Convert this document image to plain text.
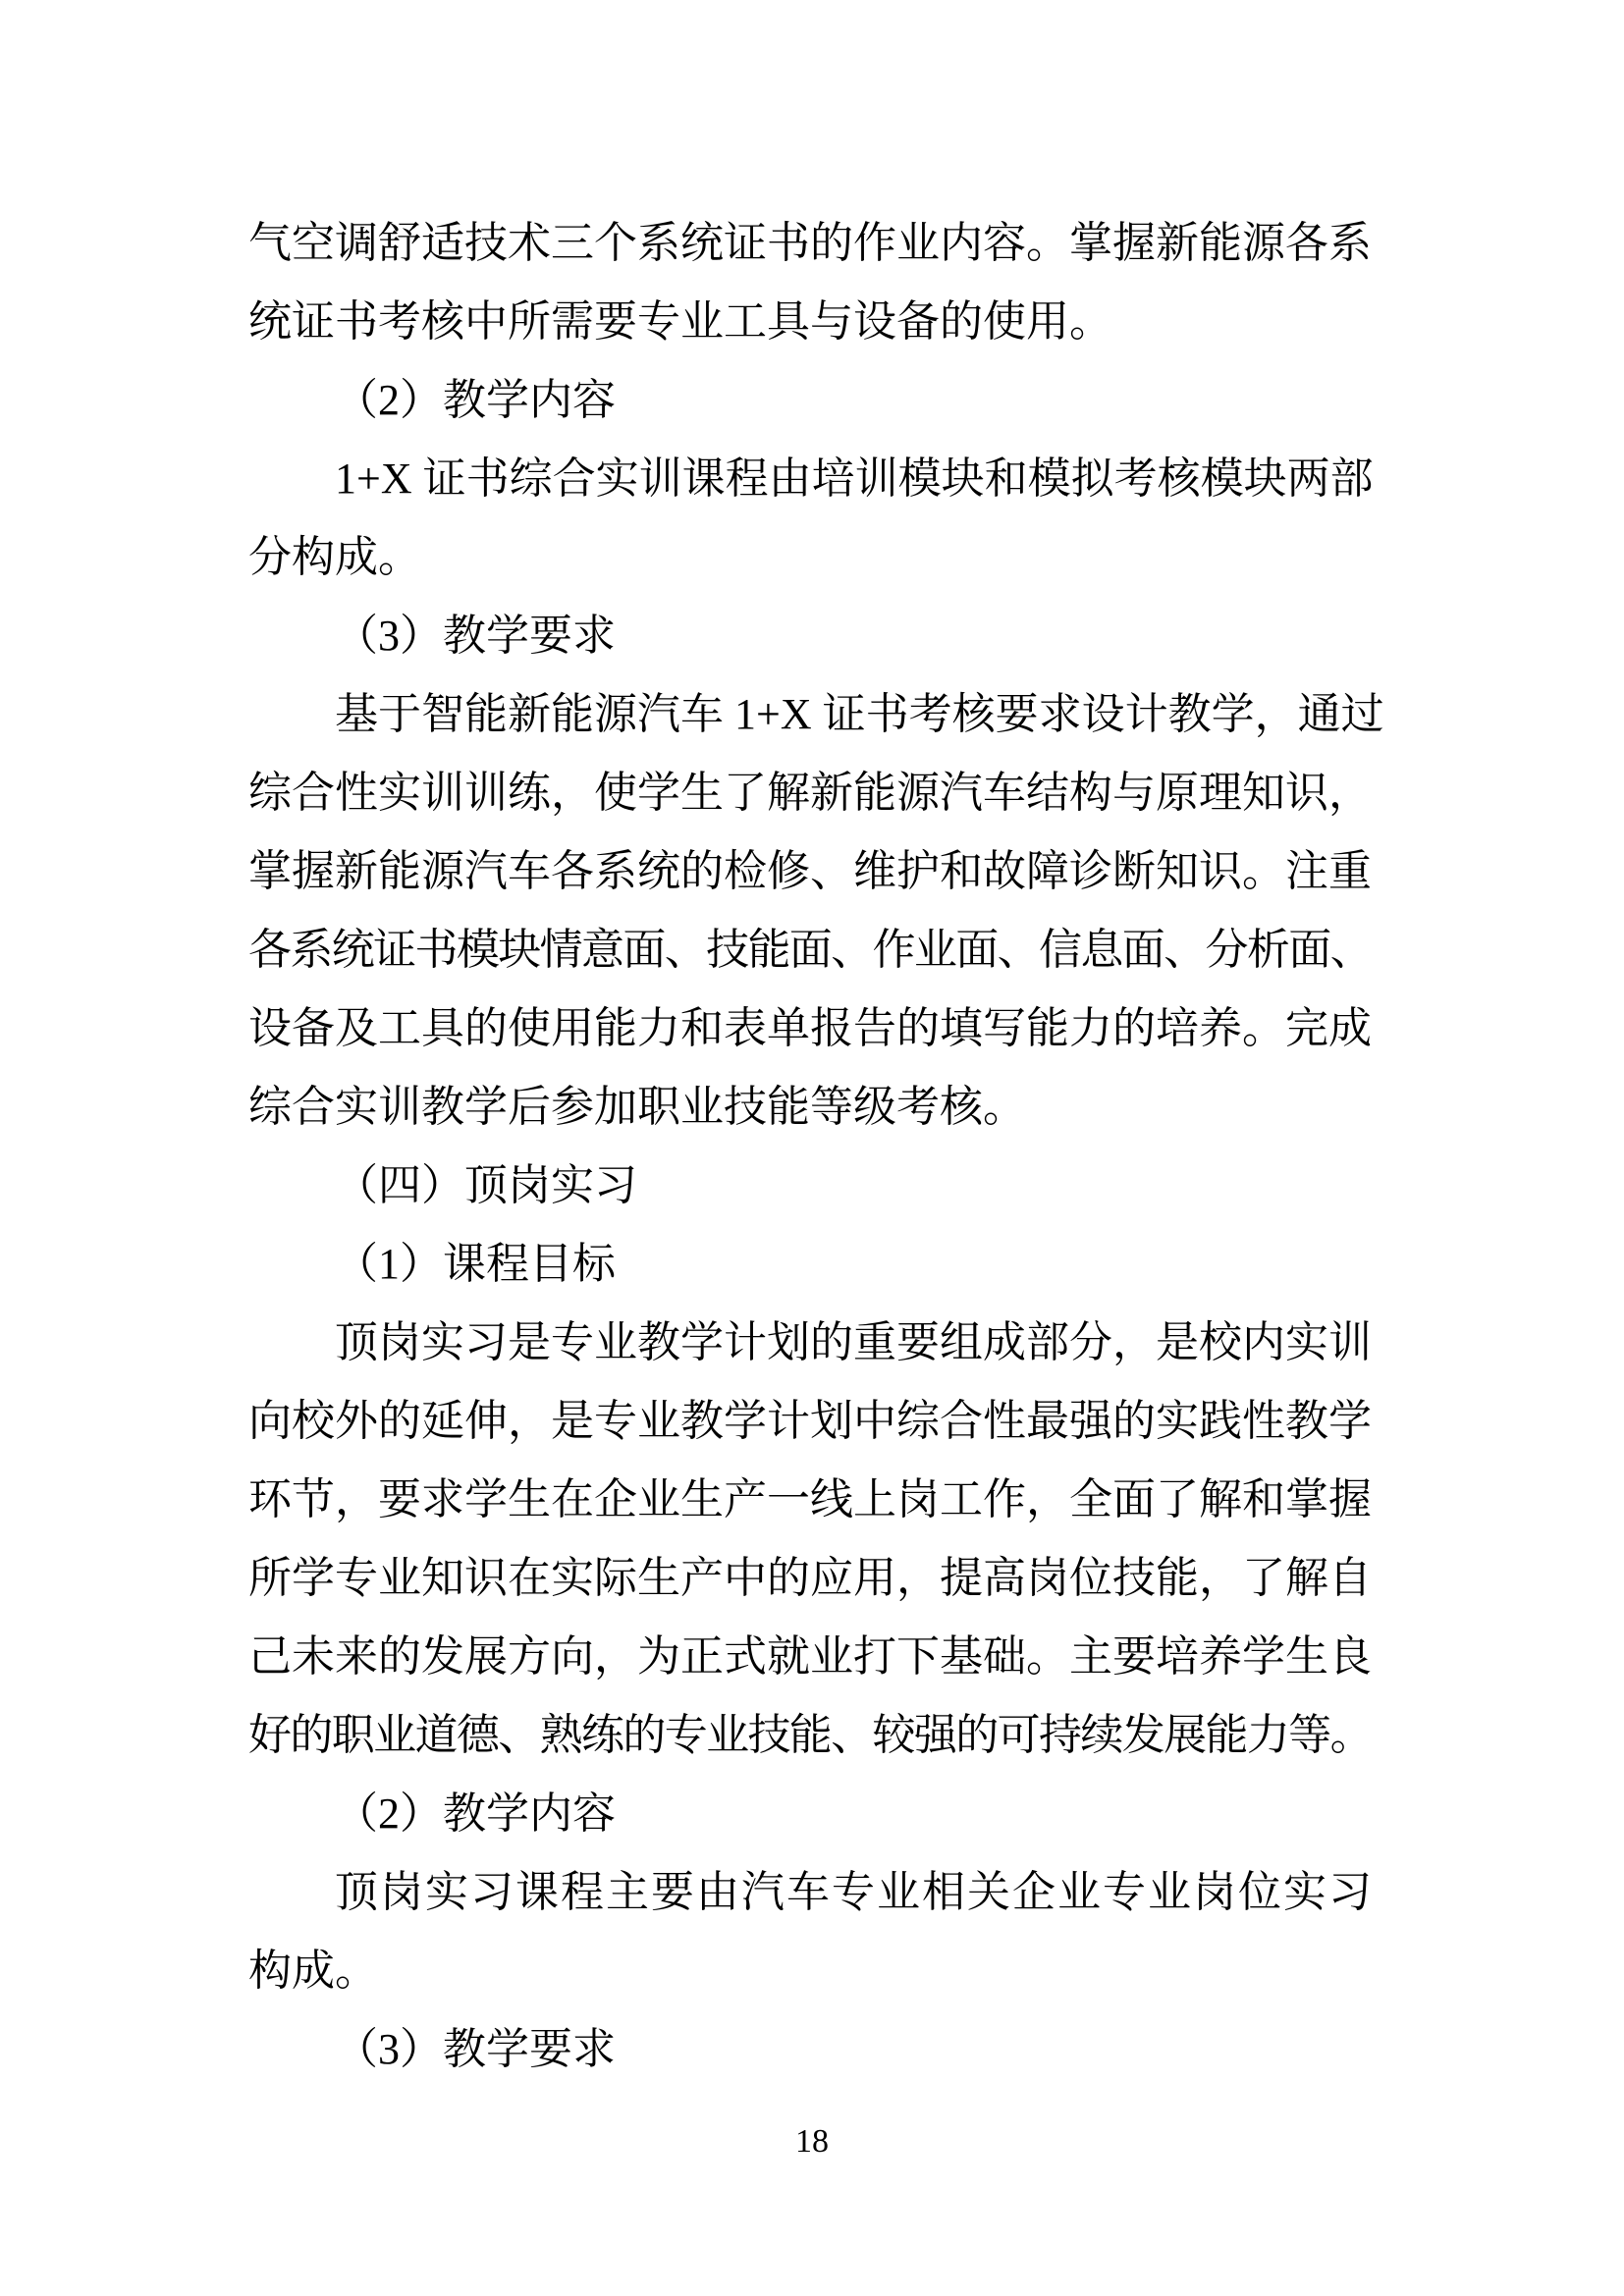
气空调舒适技术三个系统证书的作业内容。掌握新能源各系
统证书考核中所需要专业工具与设备的使用。
（2）教学内容
1+X 证书综合实训课程由培训模块和模拟考核模块两部
分构成。
（3）教学要求
基于智能新能源汽车 1+X 证书考核要求设计教学，通过
综合性实训训练，使学生了解新能源汽车结构与原理知识，
掌握新能源汽车各系统的检修、维护和故障诊断知识。注重
各系统证书模块情意面、技能面、作业面、信息面、分析面、
设备及工具的使用能力和表单报告的填写能力的培养。完成
综合实训教学后参加职业技能等级考核。
（四）顶岗实习
（1）课程目标
顶岗实习是专业教学计划的重要组成部分，是校内实训
向校外的延伸，是专业教学计划中综合性最强的实践性教学
环节，要求学生在企业生产一线上岗工作，全面了解和掌握
所学专业知识在实际生产中的应用，提高岗位技能，了解自
己未来的发展方向，为正式就业打下基础。主要培养学生良
好的职业道德、熟练的专业技能、较强的可持续发展能力等。
（2）教学内容
顶岗实习课程主要由汽车专业相关企业专业岗位实习
构成。
（3）教学要求
18
